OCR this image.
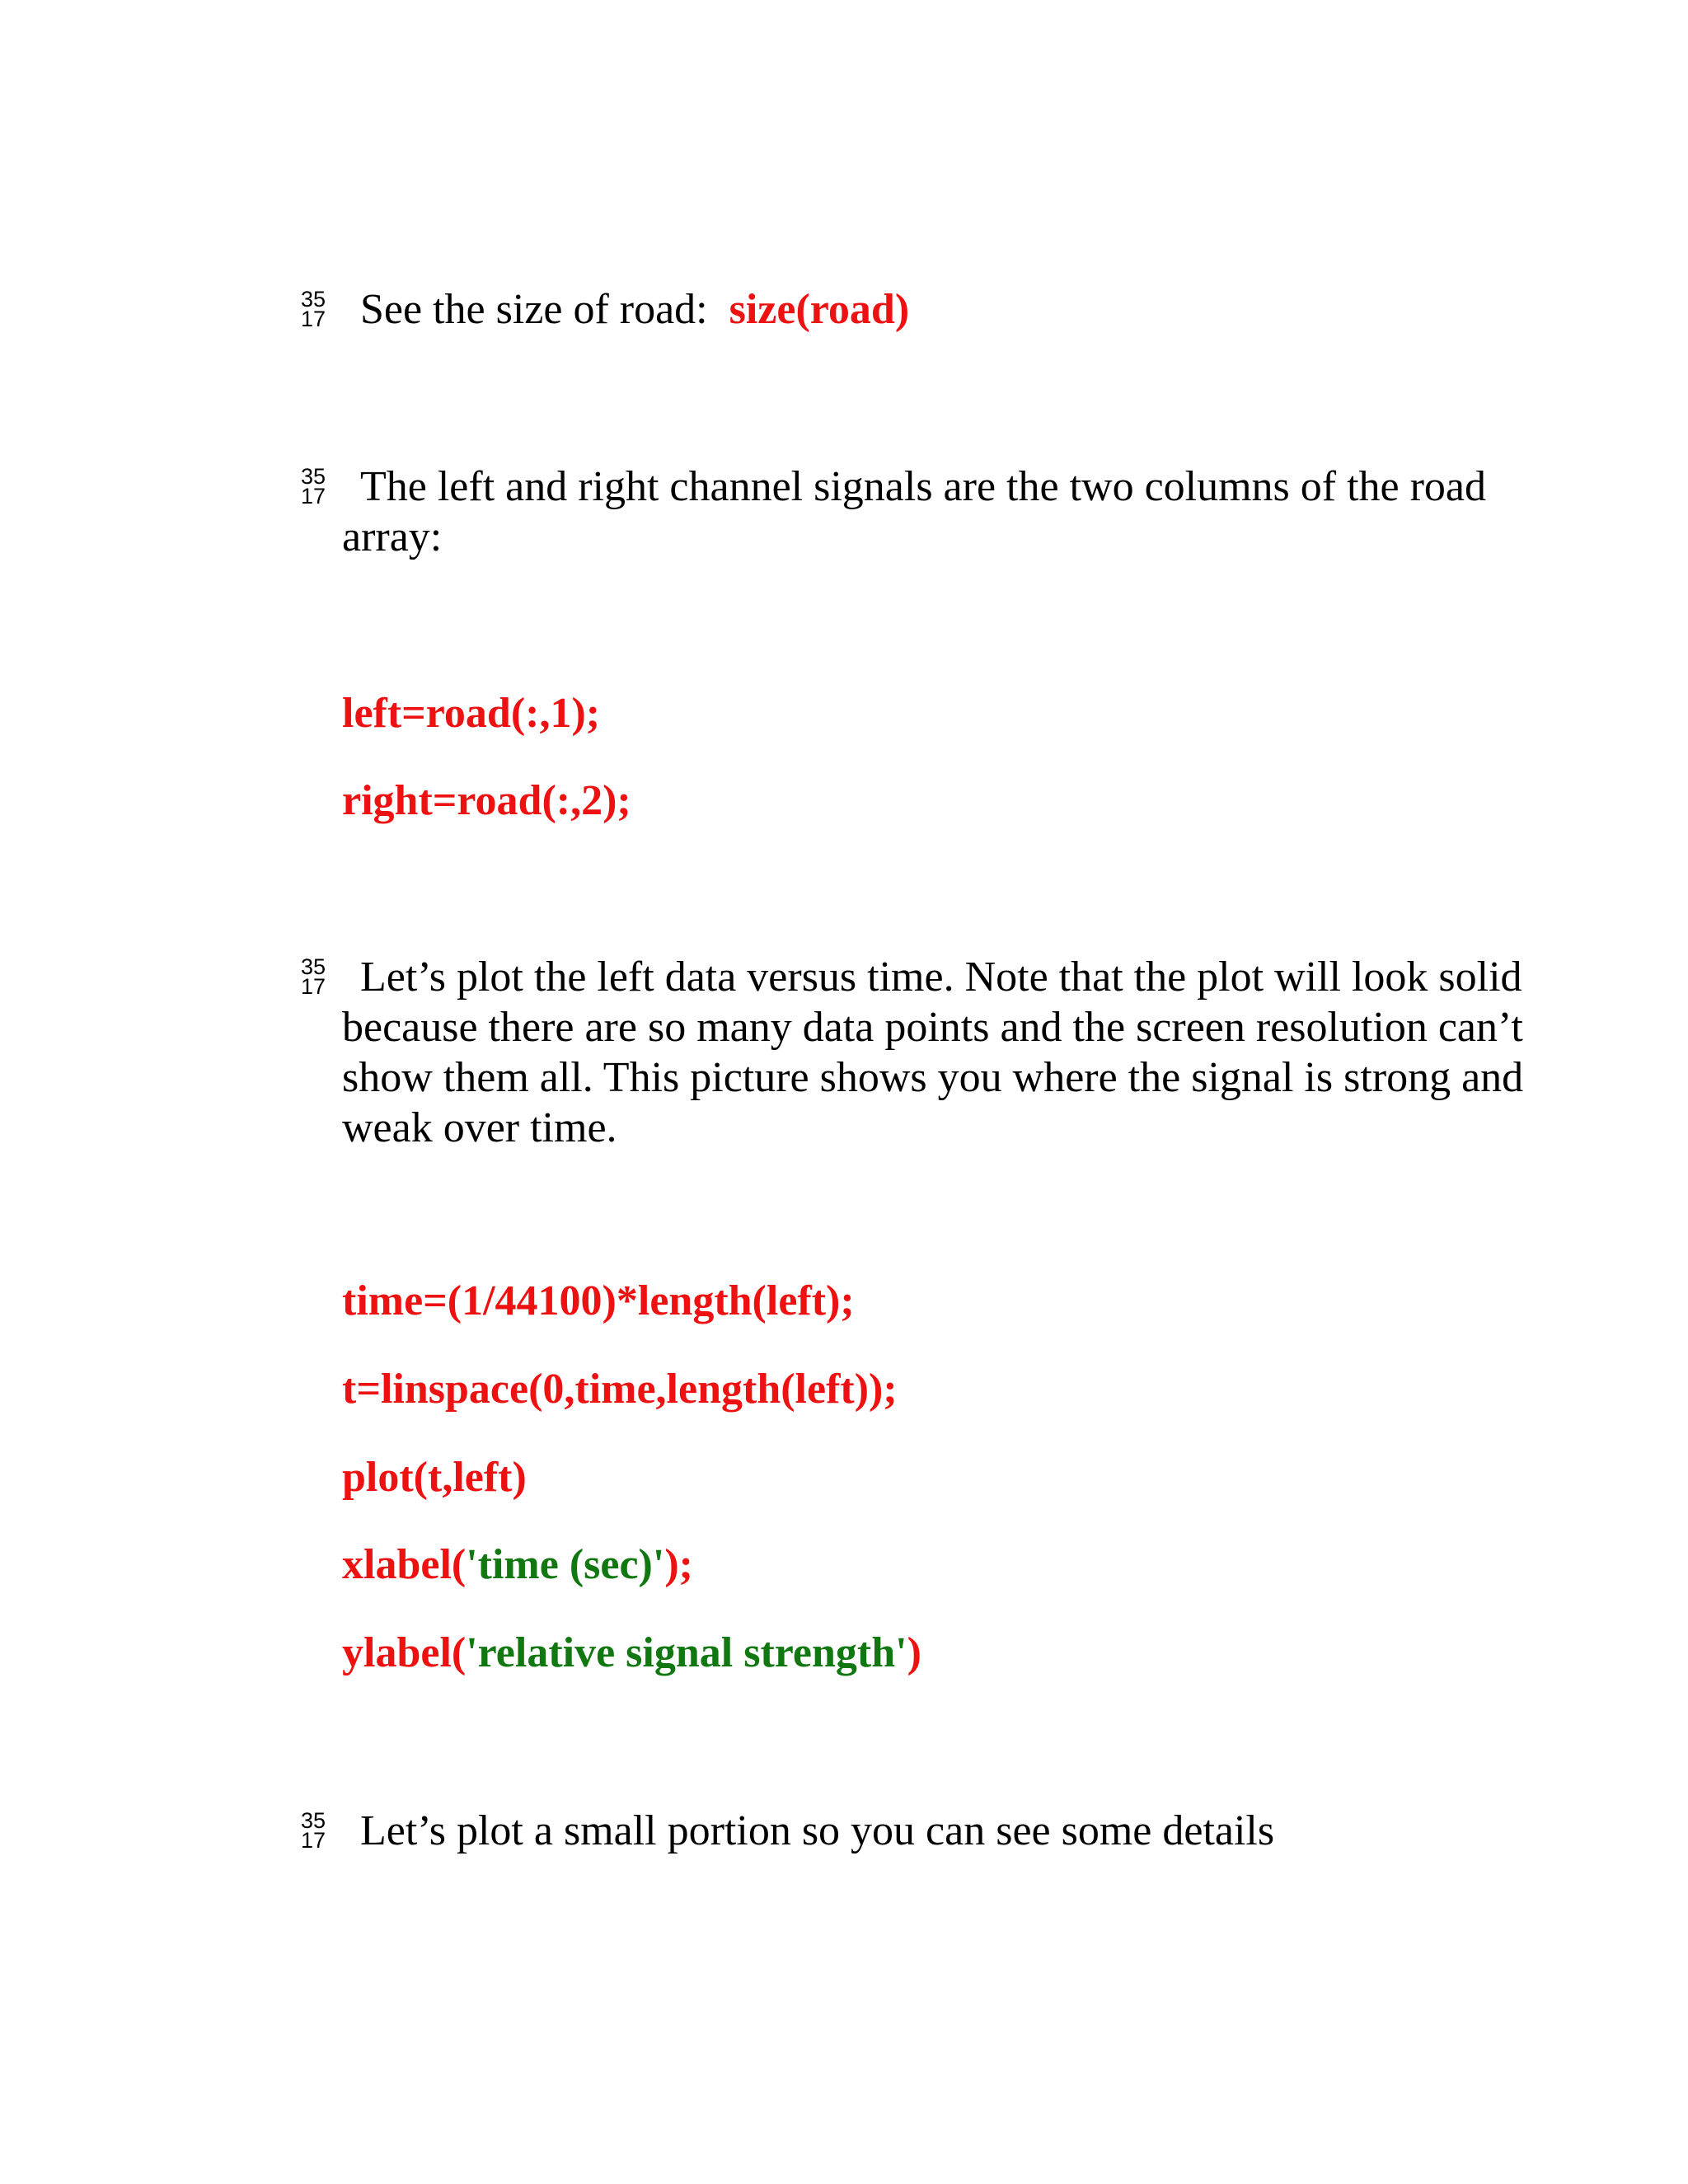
35
17 See the size of road:  size(road)

35
17 The left and right channel signals are the two columns of the road array:

left=road(:,1);
right=road(:,2);
35
17 Let’s plot the left data versus time. Note that the plot will look solid because there are so many data points and the screen resolution can’t show them all. This picture shows you where the signal is strong and weak over time.

time=(1/44100)*length(left);
t=linspace(0,time,length(left));
plot(t,left)
xlabel('time (sec)');
ylabel('relative signal strength')
35
17 Let’s plot a small portion so you can see some details
